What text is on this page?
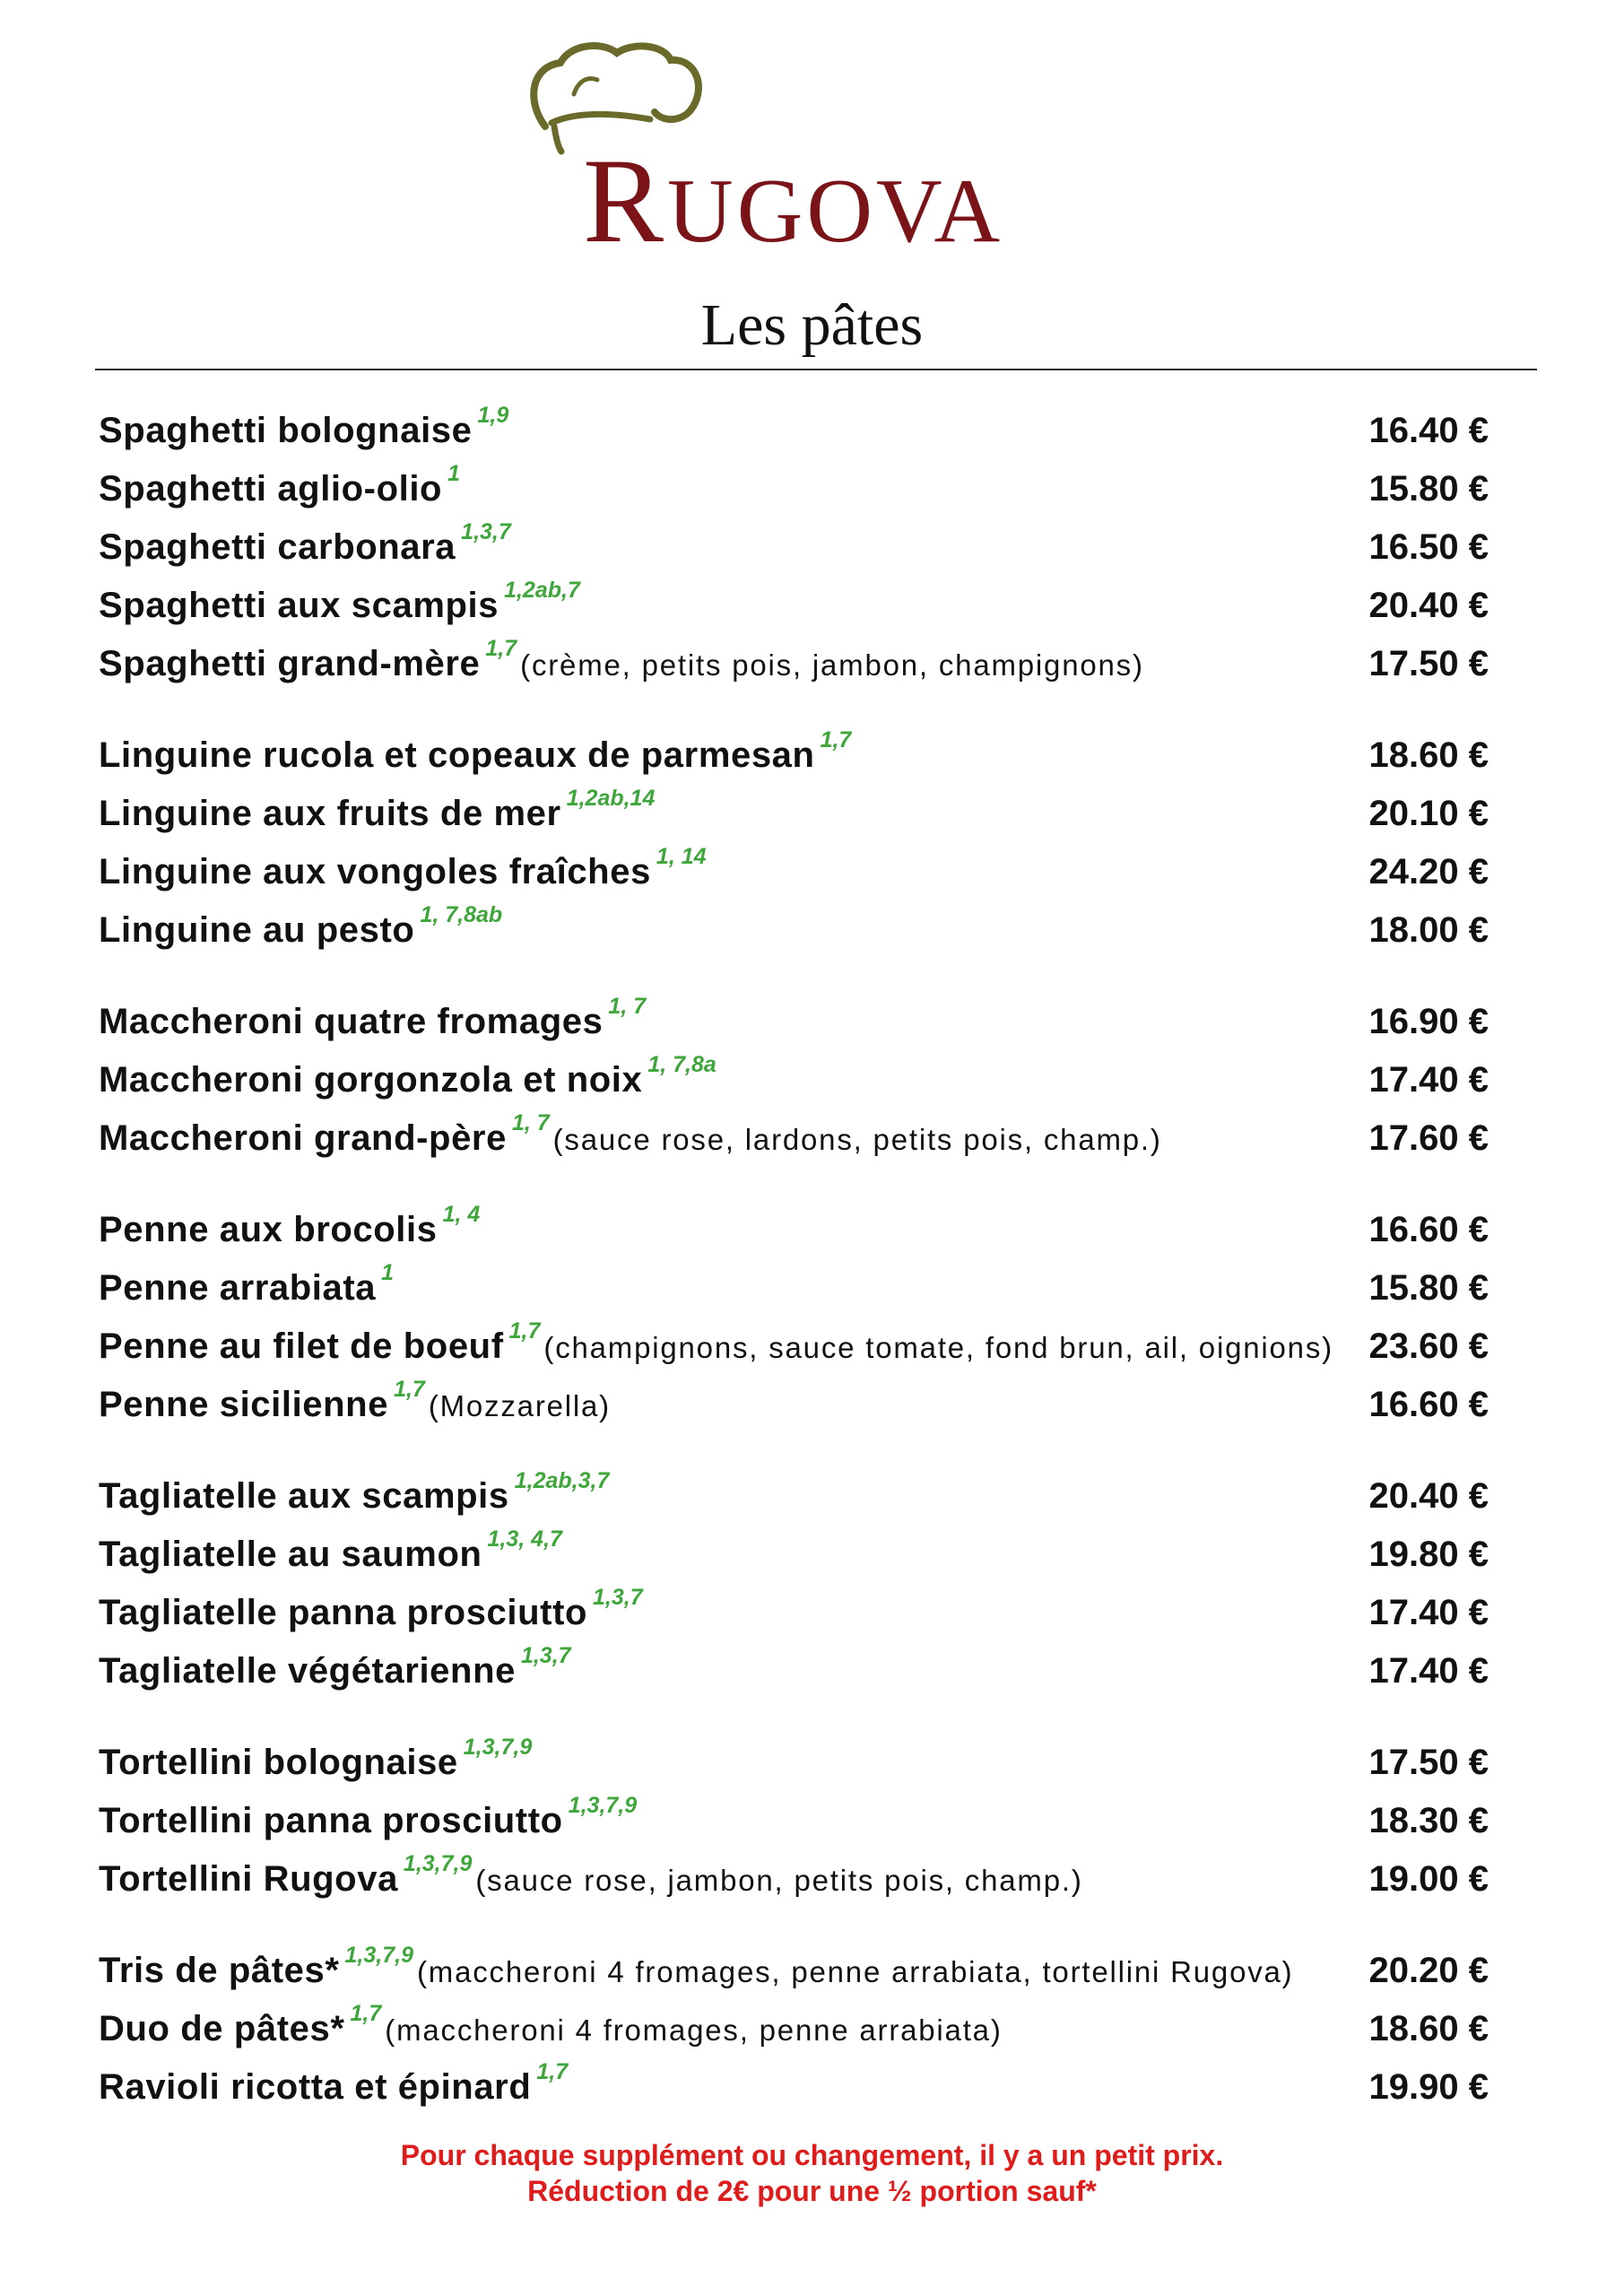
RUGOVA
Les pâtes
Spaghetti bolognaise $^{1,9}$	16.40 €
Spaghetti aglio-olio $^1$	15.80 €
Spaghetti carbonara $^{1,3,7}$	16.50 €
Spaghetti aux scampis $^{1,2ab,7}$	20.40 €
Spaghetti grand-mère $^{1,7}$ (crème, petits pois, jambon, champignons)	17.50 €
Linguine rucola et copeaux de parmesan $^{1,7}$	18.60 €
Linguine aux fruits de mer $^{1,2ab,14}$	20.10 €
Linguine aux vongoles fraîches $^{1, 14}$	24.20 €
Linguine au pesto $^{1, 7,8ab}$	18.00 €
Maccheroni quatre fromages $^{1, 7}$	16.90 €
Maccheroni gorgonzola et noix $^{1, 7,8a}$	17.40 €
Maccheroni grand-père $^{1, 7}$ (sauce rose, lardons, petits pois, champ.)	17.60 €
Penne aux brocolis $^{1, 4}$	16.60 €
Penne arrabiata $^1$	15.80 €
Penne au filet de boeuf $^{1,7}$ (champignons, sauce tomate, fond brun, ail, oignions) 23.60 €
Penne sicilienne $^{1,7}$ (Mozzarella)	16.60 €
Tagliatelle aux scampis $^{1,2ab,3,7}$	20.40 €
Tagliatelle au saumon $^{1,3, 4,7}$	19.80 €
Tagliatelle panna prosciutto $^{1,3,7}$	17.40 €
Tagliatelle végétarienne $^{1,3,7}$	17.40 €
Tortellini bolognaise $^{1,3,7,9}$	17.50 €
Tortellini panna prosciutto $^{1,3,7,9}$	18.30 €
Tortellini Rugova $^{1,3,7,9}$ (sauce rose, jambon, petits pois, champ.)	19.00 €
Tris de pâtes* $^{1,3,7,9}$ (maccheroni 4 fromages, penne arrabiata, tortellini Rugova) 20.20 €
Duo de pâtes* $^{1,7}$ (maccheroni 4 fromages, penne arrabiata)	18.60 €
Ravioli ricotta et épinard $^{1,7}$	19.90 €
Pour chaque supplément ou changement, il y a un petit prix.
Réduction de 2€ pour une ½ portion sauf*
